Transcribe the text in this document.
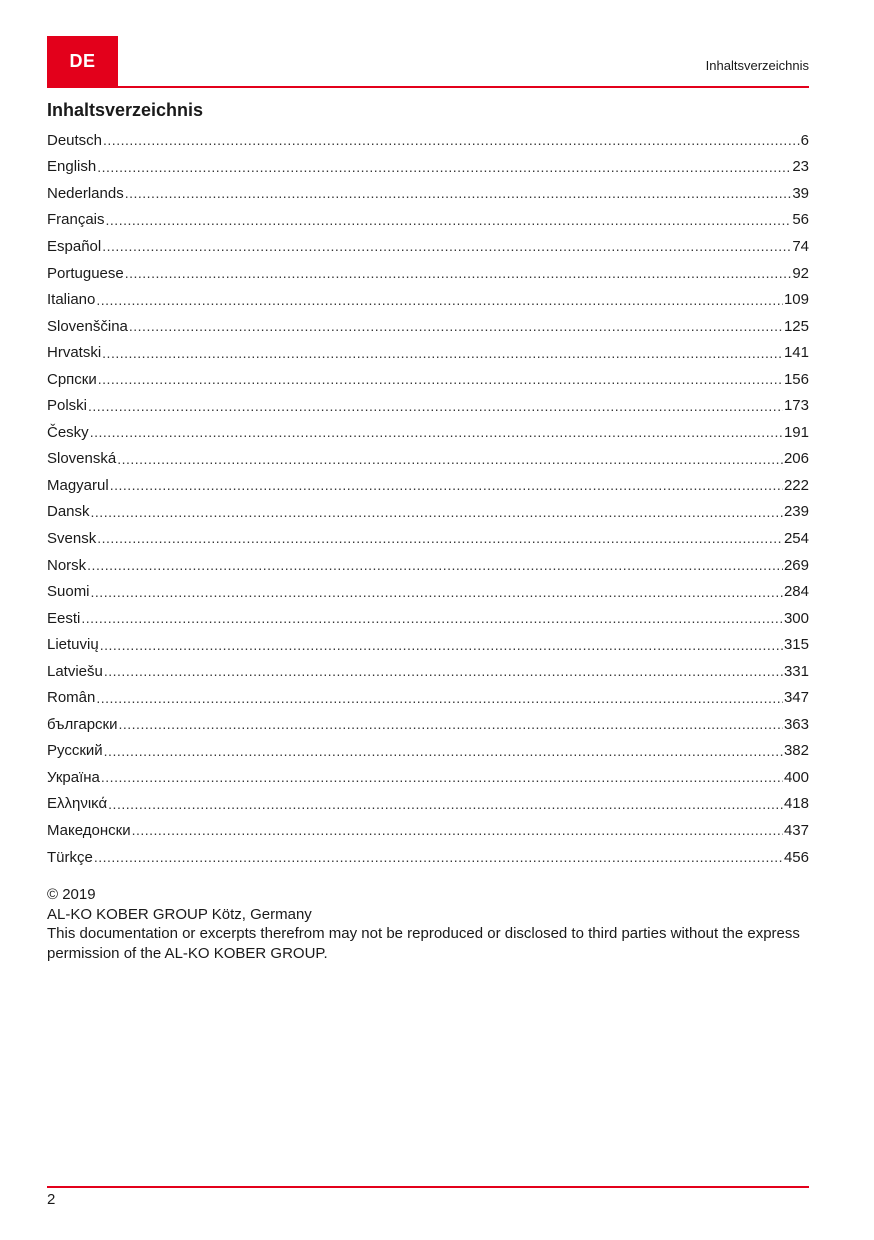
DE	Inhaltsverzeichnis
Inhaltsverzeichnis
Deutsch .....	6
English .....	23
Nederlands .....	39
Français .....	56
Español .....	74
Portuguese .....	92
Italiano .....	109
Slovenščina .....	125
Hrvatski .....	141
Српски .....	156
Polski .....	173
Česky .....	191
Slovenská .....	206
Magyarul .....	222
Dansk .....	239
Svensk .....	254
Norsk .....	269
Suomi .....	284
Eesti .....	300
Lietuvių .....	315
Latviešu .....	331
Român .....	347
български .....	363
Русский .....	382
Україна .....	400
Ελληνικά .....	418
Македонски .....	437
Türkçe .....	456
© 2019
AL-KO KOBER GROUP Kötz, Germany
This documentation or excerpts therefrom may not be reproduced or disclosed to third parties without the express permission of the AL-KO KOBER GROUP.
2
